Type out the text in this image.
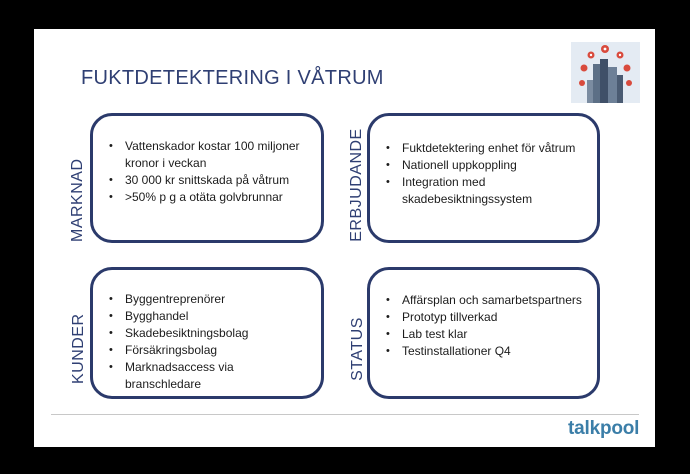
FUKTDETEKTERING I VÅTRUM
MARKNAD
• Vattenskador kostar 100 miljoner kronor i veckan
• 30 000 kr snittskada på våtrum
• >50% p g a otäta golvbrunnar	ERBJUDANDE
•	Fuktdetektering enhet för våtrum
• Nationell uppkoppling
• Integration med skadebesiktningssystem
KUNDER
• Byggentreprenörer
• Bygghandel
• Skadebesiktningsbolag
• Försäkringsbolag
• Marknadsaccess via branschledare
STATUS
• Affärsplan och samarbetspartners
• Prototyp tillverkad
• Lab test klar
• Testinstallationer Q4
talkpool
